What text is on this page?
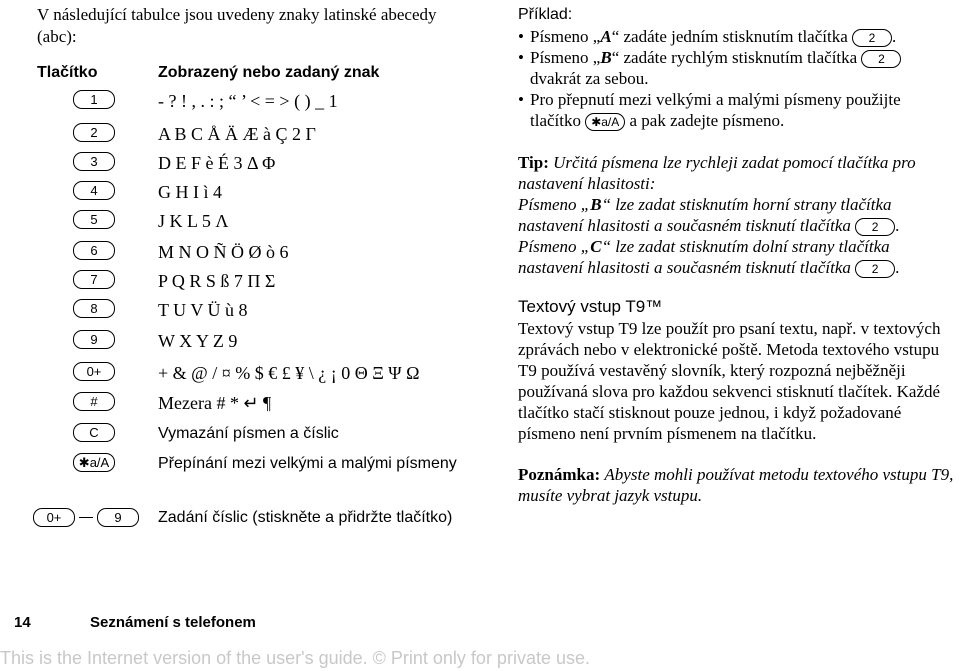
V následující tabulce jsou uvedeny znaky latinské abecedy (abc):
Tlačítko	Zobrazený nebo zadaný znak
1	- ? ! , . : ; “ ’ < = > ( ) _ 1
2	A B C Å Ä Æ à Ç 2 Γ
3	D E F è É 3 Δ Φ
4	G H I ì 4
5	J K L 5 Λ
6	M N O Ñ Ö Ø ò 6
7	P Q R S ß 7 Π Σ
8	T U V Ü ù 8
9	W X Y Z 9
0+	+ & @ / ¤ % $ € £ ¥ \ ¿ ¡ 0 Θ Ξ Ψ Ω
#	Mezera # * ↵ ¶
C	Vymazání písmen a číslic
✱a/A	Přepínání mezi velkými a malými písmeny
0+	9	Zadání číslic (stiskněte a přidržte tlačítko)
Příklad:
• Písmeno „A“ zadáte jedním stisknutím tlačítka 2 .
• Písmeno „B“ zadáte rychlým stisknutím tlačítka 2 dvakrát za sebou.
• Pro přepnutí mezi velkými a malými písmeny použijte tlačítko ✱a/A a pak zadejte písmeno.
Tip: Určitá písmena lze rychleji zadat pomocí tlačítka pro nastavení hlasitosti:
Písmeno „B“ lze zadat stisknutím horní strany tlačítka nastavení hlasitosti a současném tisknutí tlačítka 2 .
Písmeno „C“ lze zadat stisknutím dolní strany tlačítka nastavení hlasitosti a současném tisknutí tlačítka 2 .
Textový vstup T9™
Textový vstup T9 lze použít pro psaní textu, např. v textových zprávách nebo v elektronické poště. Metoda textového vstupu T9 používá vestavěný slovník, který rozpozná nejběžněji používaná slova pro každou sekvenci stisknutí tlačítek. Každé tlačítko stačí stisknout pouze jednou, i když požadované písmeno není prvním písmenem na tlačítku.
Poznámka: Abyste mohli používat metodu textového vstupu T9, musíte vybrat jazyk vstupu.
14	Seznámení s telefonem
This is the Internet version of the user's guide. © Print only for private use.
